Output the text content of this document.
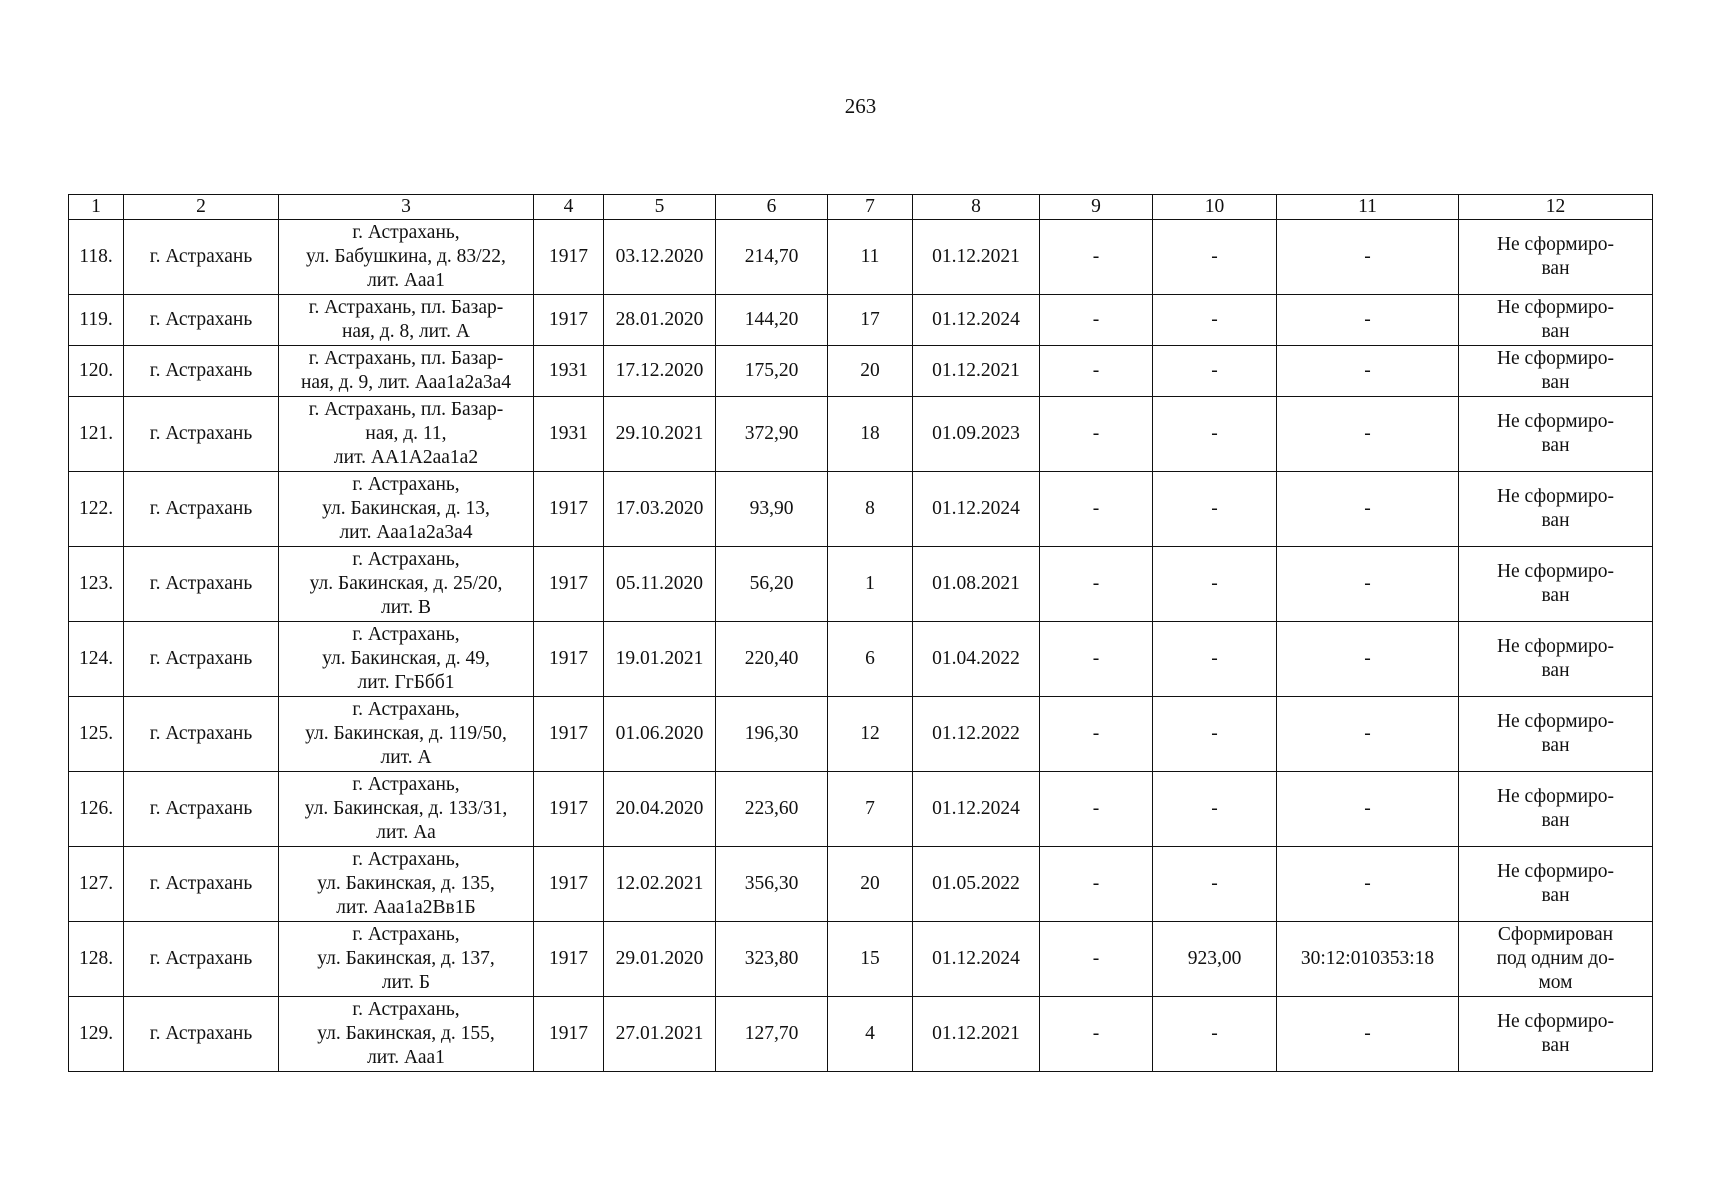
263
1	2	3	4	5	6	7	8	9	10	11	12
118.	г. Астрахань	г. Астрахань,
ул. Бабушкина, д. 83/22,
лит. Ааа1	1917	03.12.2020	214,70	11	01.12.2021	-	-	-	Не сформиро-
ван
119.	г. Астрахань	г. Астрахань, пл. Базар-
ная, д. 8, лит. А	1917	28.01.2020	144,20	17	01.12.2024	-	-	-	Не сформиро-
ван
120.	г. Астрахань	г. Астрахань, пл. Базар-
ная, д. 9, лит. Ааа1а2а3а4	1931	17.12.2020	175,20	20	01.12.2021	-	-	-	Не сформиро-
ван
121.	г. Астрахань	г. Астрахань, пл. Базар-
ная, д. 11,
лит. АА1А2аа1а2	1931	29.10.2021	372,90	18	01.09.2023	-	-	-	Не сформиро-
ван
122.	г. Астрахань	г. Астрахань,
ул. Бакинская, д. 13,
лит. Ааа1а2а3а4	1917	17.03.2020	93,90	8	01.12.2024	-	-	-	Не сформиро-
ван
123.	г. Астрахань	г. Астрахань,
ул. Бакинская, д. 25/20,
лит. В	1917	05.11.2020	56,20	1	01.08.2021	-	-	-	Не сформиро-
ван
124.	г. Астрахань	г. Астрахань,
ул. Бакинская, д. 49,
лит. ГгБбб1	1917	19.01.2021	220,40	6	01.04.2022	-	-	-	Не сформиро-
ван
125.	г. Астрахань	г. Астрахань,
ул. Бакинская, д. 119/50,
лит. А	1917	01.06.2020	196,30	12	01.12.2022	-	-	-	Не сформиро-
ван
126.	г. Астрахань	г. Астрахань,
ул. Бакинская, д. 133/31,
лит. Аа	1917	20.04.2020	223,60	7	01.12.2024	-	-	-	Не сформиро-
ван
127.	г. Астрахань	г. Астрахань,
ул. Бакинская, д. 135,
лит. Ааа1а2Вв1Б	1917	12.02.2021	356,30	20	01.05.2022	-	-	-	Не сформиро-
ван
128.	г. Астрахань	г. Астрахань,
ул. Бакинская, д. 137,
лит. Б	1917	29.01.2020	323,80	15	01.12.2024	-	923,00	30:12:010353:18	Сформирован
под одним до-
мом
129.	г. Астрахань	г. Астрахань,
ул. Бакинская, д. 155,
лит. Ааа1	1917	27.01.2021	127,70	4	01.12.2021	-	-	-	Не сформиро-
ван
